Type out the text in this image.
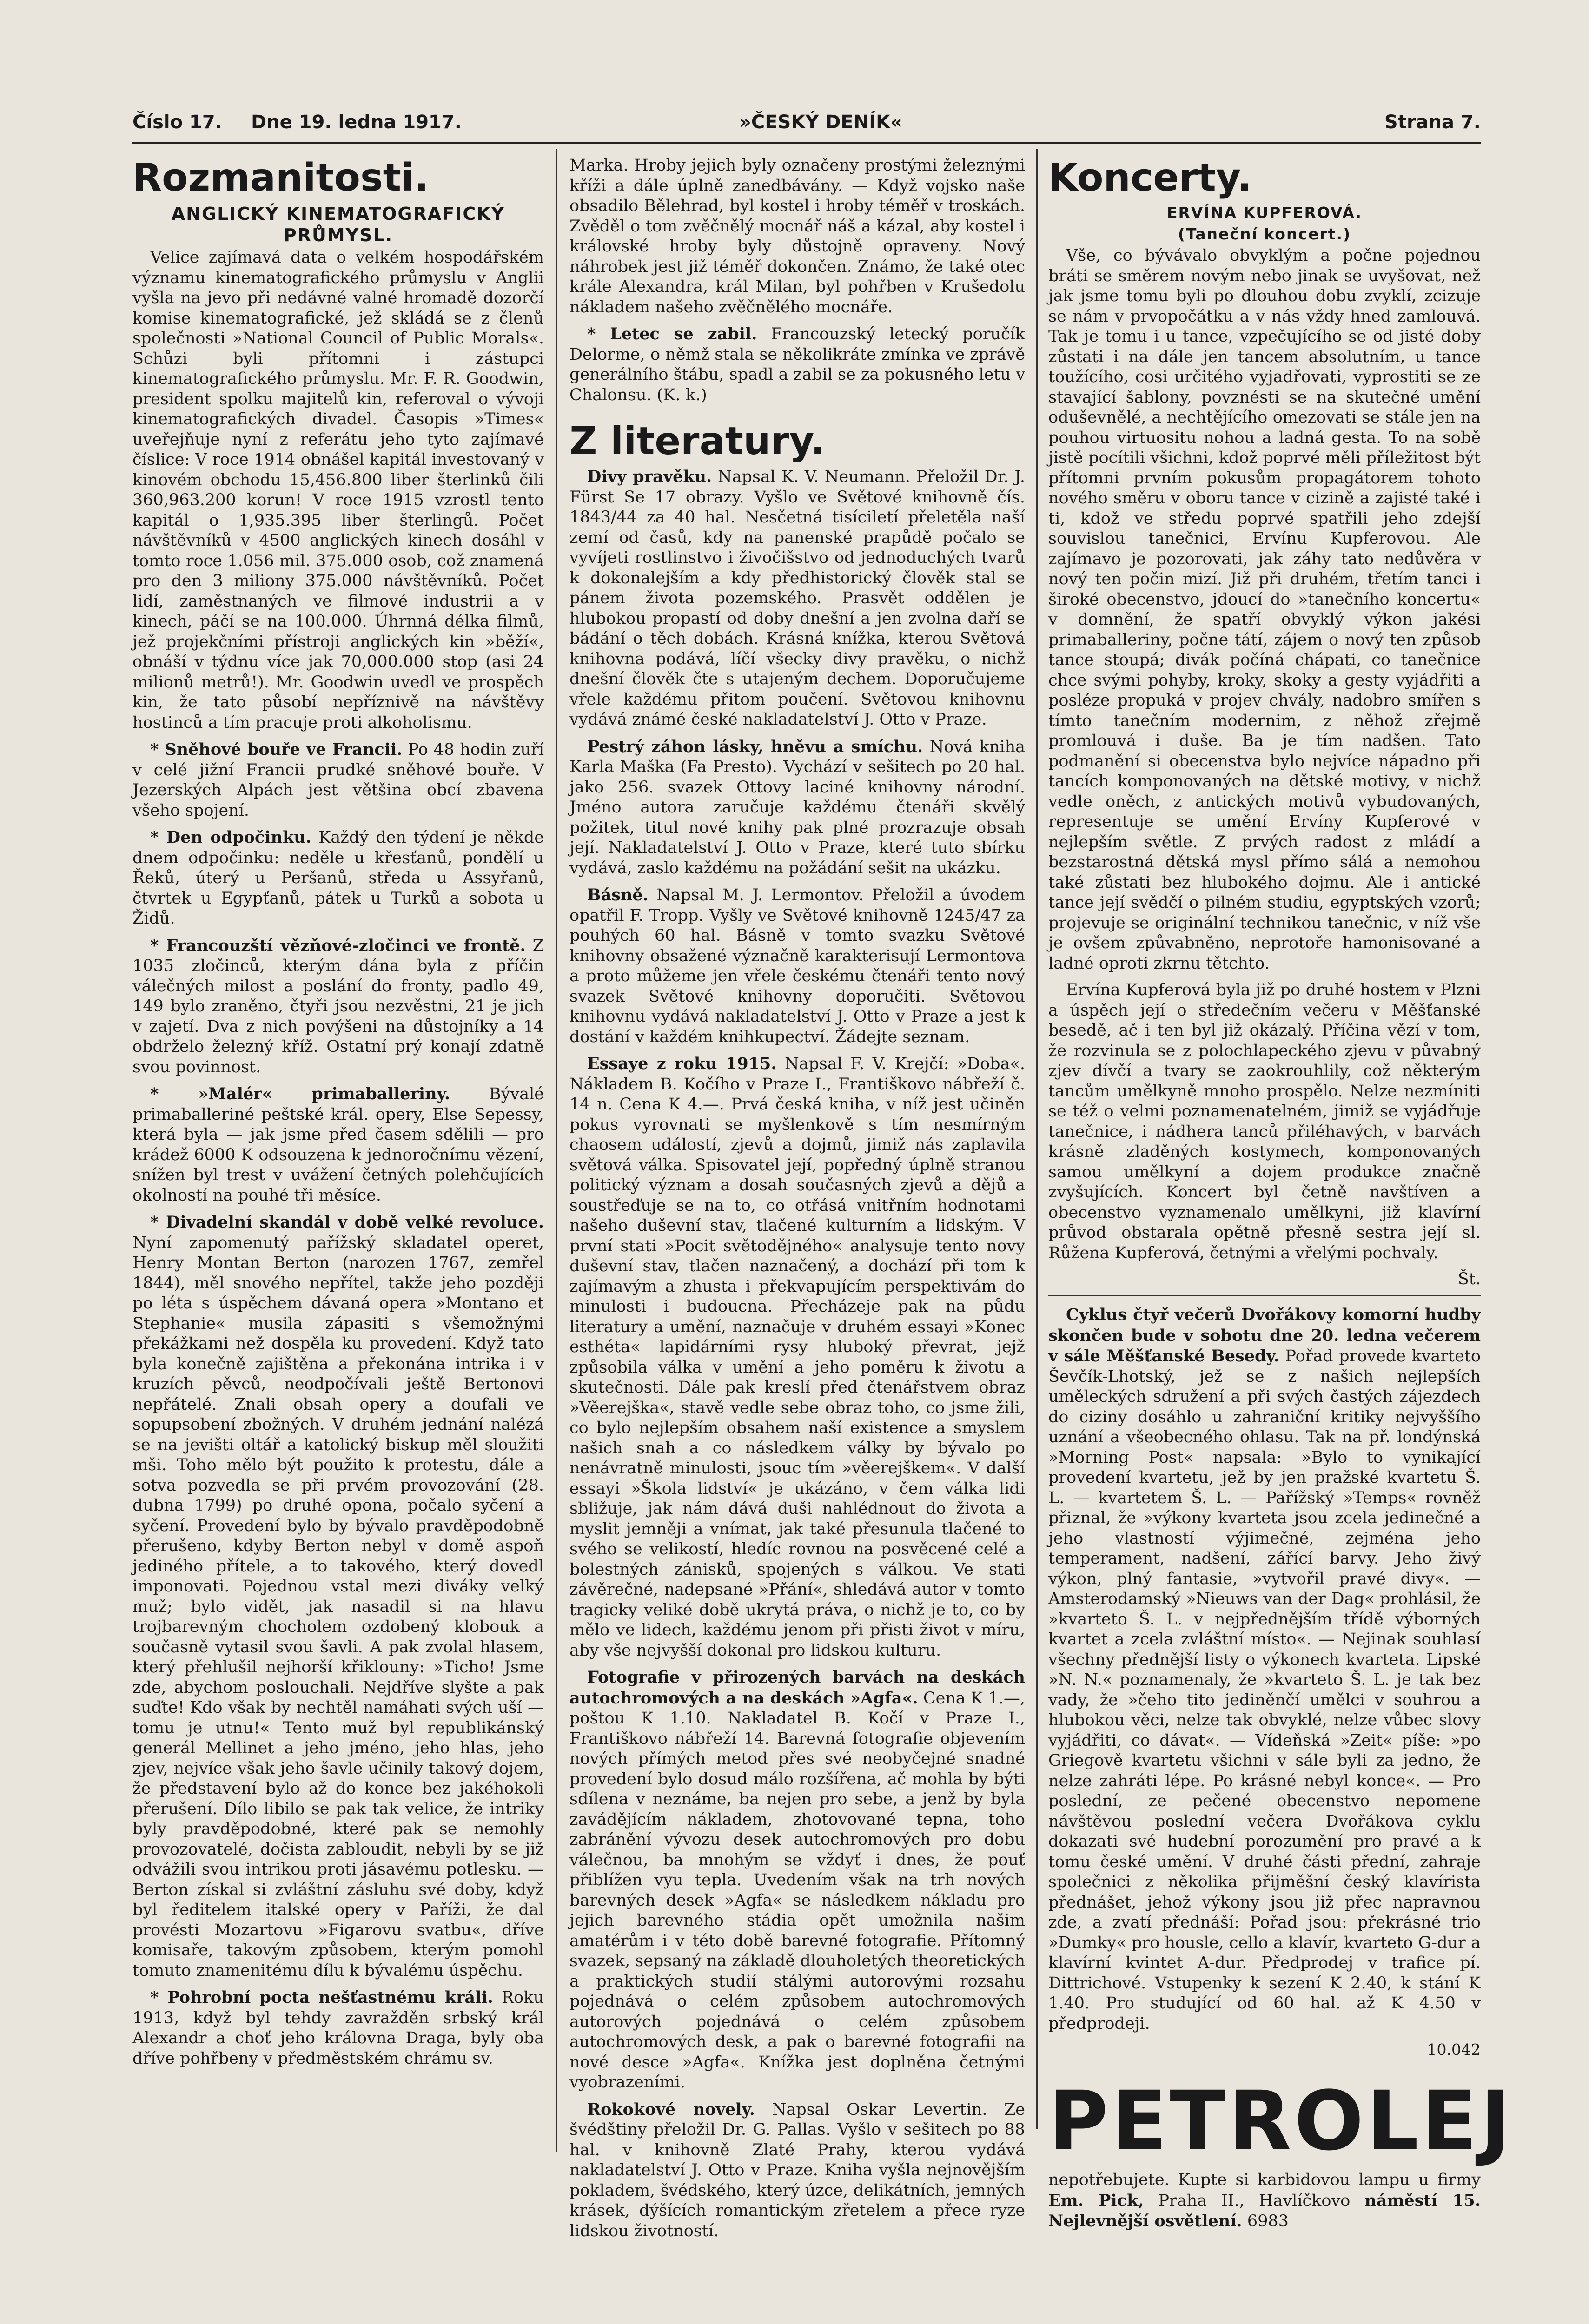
Číslo 17. Dne 19. ledna 1917.	»ČESKÝ DENÍK«	Strana 7.
Rozmanitosti.
ANGLICKÝ KINEMATOGRAFICKÝ PRŮMYSL.

Velice zajímavá data o velkém hospodářském významu kinematografického průmyslu v Anglii vyšla na jevo při nedávné valné hromadě dozorčí komise kinematografické, jež skládá se z členů společnosti »National Council of Public Morals«. Schůzi byli přítomni i zástupci kinematografického průmyslu. Mr. F. R. Goodwin, president spolku majitelů kin, referoval o vývoji kinematografických divadel. Časopis »Times« uveřejňuje nyní z referátu jeho tyto zajímavé číslice: V roce 1914 obnášel kapitál investovaný v kinovém obchodu 15,456.800 liber šterlinků čili 360,963.200 korun! V roce 1915 vzrostl tento kapitál o 1,935.395 liber šterlingů. Počet návštěvníků v 4500 anglických kinech dosáhl v tomto roce 1.056 mil. 375.000 osob, což znamená pro den 3 miliony 375.000 návštěvníků. Počet lidí, zaměstnaných ve filmové industrii a v kinech, páčí se na 100.000. Úhrnná délka filmů, jež projekčními přístroji anglických kin »běží«, obnáší v týdnu více jak 70,000.000 stop (asi 24 milionů metrů!). Mr. Goodwin uvedl ve prospěch kin, že tato působí nepříznivě na návštěvy hostinců a tím pracuje proti alkoholismu.

* Sněhové bouře ve Francii. Po 48 hodin zuří v celé jižní Francii prudké sněhové bouře. V Jezerských Alpách jest většina obcí zbavena všeho spojení.

* Den odpočinku. Každý den týdení je někde dnem odpočinku: neděle u křesťanů, pondělí u Řeků, úterý u Peršanů, středa u Assyřanů, čtvrtek u Egypťanů, pátek u Turků a sobota u Židů.

* Francouzští vězňové-zločinci ve frontě. Z 1035 zločinců, kterým dána byla z příčin válečných milost a poslání do fronty, padlo 49, 149 bylo zraněno, čtyři jsou nezvěstni, 21 je jich v zajetí. Dva z nich povýšeni na důstojníky a 14 obdrželo železný kříž. Ostatní prý konají zdatně svou povinnost.

* »Malér« primaballeriny. Bývalé primaballeriné peštské král. opery, Else Sepessy, která byla — jak jsme před časem sdělili — pro krádež 6000 K odsouzena k jednoročnímu vězení, snížen byl trest v uvážení četných polehčujících okolností na pouhé tři měsíce.

* Divadelní skandál v době velké revoluce. Nyní zapomenutý pařížský skladatel operet, Henry Montan Berton (narozen 1767, zemřel 1844), měl snového nepřítel, takže jeho později po léta s úspěchem dávaná opera »Montano et Stephanie« musila zápasiti s všemožnými překážkami než dospěla ku provedení. Když tato byla konečně zajištěna a překonána intrika i v kruzích pěvců, neodpočívali ještě Bertonovi nepřátelé. Znali obsah opery a doufali ve sopupsobení zbožných. V druhém jednání nalézá se na jevišti oltář a katolický biskup měl sloužiti mši. Toho mělo být použito k protestu, dále a sotva pozvedla se při prvém provozování (28. dubna 1799) po druhé opona, počalo syčení a syčení. Provedení bylo by bývalo pravděpodobně přerušeno, kdyby Berton nebyl v domě aspoň jediného přítele, a to takového, který dovedl imponovati. Pojednou vstal mezi diváky velký muž; bylo vidět, jak nasadil si na hlavu trojbarevným chocholem ozdobený klobouk a současně vytasil svou šavli. A pak zvolal hlasem, který přehlušil nejhorší křiklouny: »Ticho! Jsme zde, abychom poslouchali. Nejdříve slyšte a pak suďte! Kdo však by nechtěl namáhati svých uší — tomu je utnu!« Tento muž byl republikánský generál Mellinet a jeho jméno, jeho hlas, jeho zjev, nejvíce však jeho šavle učinily takový dojem, že představení bylo až do konce bez jakéhokoli přerušení. Dílo libilo se pak tak velice, že intriky byly pravděpodobné, které pak se nemohly provozovatelé, dočista zabloudit, nebyli by se již odvážili svou intrikou proti jásavému potlesku. — Berton získal si zvláštní zásluhu své doby, když byl ředitelem italské opery v Paříži, že dal provésti Mozartovu »Figarovu svatbu«, dříve komisaře, takovým způsobem, kterým pomohl tomuto znamenitému dílu k bývalému úspěchu.

* Pohrobní pocta nešťastnému králi. Roku 1913, když byl tehdy zavražděn srbský král Alexandr a choť jeho královna Draga, byly oba dříve pohřbeny v předměstském chrámu sv.

Marka. Hroby jejich byly označeny prostými železnými kříži a dále úplně zanedbávány. — Když vojsko naše obsadilo Bělehrad, byl kostel i hroby téměř v troskách. Zvěděl o tom zvěčnělý mocnář náš a kázal, aby kostel i královské hroby byly důstojně opraveny. Nový náhrobek jest již téměř dokončen. Známo, že také otec krále Alexandra, král Milan, byl pohřben v Krušedolu nákladem našeho zvěčnělého mocnáře.

* Letec se zabil. Francouzský letecký poručík Delorme, o němž stala se několikráte zmínka ve zprávě generálního štábu, spadl a zabil se za pokusného letu v Chalonsu. (K. k.)

Z literatury.

Divy pravěku. Napsal K. V. Neumann. Přeložil Dr. J. Fürst Se 17 obrazy. Vyšlo ve Světové knihovně čís. 1843/44 za 40 hal. Nesčetná tisíciletí přeletěla naší zemí od časů, kdy na panenské prapůdě počalo se vyvíjeti rostlinstvo i živočišstvo od jednoduchých tvarů k dokonalejším a kdy předhistorický člověk stal se pánem života pozemského. Prasvět oddělen je hlubokou propastí od doby dnešní a jen zvolna daří se bádání o těch dobách. Krásná knížka, kterou Světová knihovna podává, líčí všecky divy pravěku, o nichž dnešní člověk čte s utajeným dechem. Doporučujeme vřele každému přitom poučení. Světovou knihovnu vydává známé české nakladatelství J. Otto v Praze.

Pestrý záhon lásky, hněvu a smíchu. Nová kniha Karla Maška (Fa Presto). Vychází v sešitech po 20 hal. jako 256. svazek Ottovy laciné knihovny národní. Jméno autora zaručuje každému čtenáři skvělý požitek, titul nové knihy pak plné prozrazuje obsah její. Nakladatelství J. Otto v Praze, které tuto sbírku vydává, zaslo každému na požádání sešit na ukázku.

Básně. Napsal M. J. Lermontov. Přeložil a úvodem opatřil F. Tropp. Vyšly ve Světové knihovně 1245/47 za pouhých 60 hal. Básně v tomto svazku Světové knihovny obsažené význačně karakterisují Lermontova a proto můžeme jen vřele českému čtenáři tento nový svazek Světové knihovny doporučiti. Světovou knihovnu vydává nakladatelství J. Otto v Praze a jest k dostání v každém knihkupectví. Žádejte seznam.

Essaye z roku 1915. Napsal F. V. Krejčí: »Doba«. Nákladem B. Kočího v Praze I., Františkovo nábřeží č. 14 n. Cena K 4.—. Prvá česká kniha, v níž jest učiněn pokus vyrovnati se myšlenkově s tím nesmírným chaosem událostí, zjevů a dojmů, jimiž nás zaplavila světová válka. Spisovatel její, popředný úplně stranou politický význam a dosah současných zjevů a dějů a soustřeďuje se na to, co otřásá vnitřním hodnotami našeho duševní stav, tlačené kulturním a lidským. V první stati »Pocit světodějného« analysuje tento novy duševní stav, tlačen naznačený, a dochází při tom k zajímavým a zhusta i překvapujícím perspektivám do minulosti i budoucna. Přecházeje pak na půdu literatury a umění, naznačuje v druhém essayi »Konec esthéta« lapidárními rysy hluboký převrat, jejž způsobila válka v umění a jeho poměru k životu a skutečnosti. Dále pak kreslí před čtenářstvem obraz »Věerejška«, stavě vedle sebe obraz toho, co jsme žili, co bylo nejlepším obsahem naší existence a smyslem našich snah a co následkem války by bývalo po nenávratně minulosti, jsouc tím »věerejškem«. V další essayi »Škola lidství« je ukázáno, v čem válka lidi sbližuje, jak nám dává duši nahlédnout do života a myslit jemněji a vnímat, jak také přesunula tlačené to svého se velikostí, hledíc rovnou na posvěcené celé a bolestných zánisků, spojených s válkou. Ve stati závěrečné, nadepsané »Přání«, shledává autor v tomto tragicky veliké době ukrytá práva, o nichž je to, co by mělo ve lidech, každému jenom při přisti život v míru, aby vše nejvyšší dokonal pro lidskou kulturu.

Fotografie v přirozených barvách na deskách autochromových a na deskách »Agfa«. Cena K 1.—, poštou K 1.10. Nakladatel B. Kočí v Praze I., Františkovo nábřeží 14. Barevná fotografie objevením nových přímých metod přes své neobyčejné snadné provedení bylo dosud málo rozšířena, ač mohla by býti sdílena v neznáme, ba nejen pro sebe, a jenž by byla zavádějícím nákladem, zhotovované tepna, toho zabránění vývozu desek autochromových pro dobu válečnou, ba mnohým se vždyť i dnes, že pouť přiblížen vyu tepla. Uvedením však na trh nových barevných desek »Agfa« se následkem nákladu pro jejich barevného stádia opět umožnila našim amatérům i v této době barevné fotografie. Přítomný svazek, sepsaný na základě dlouholetých theoretických a praktických studií stálými autorovými rozsahu pojednává o celém způsobem autochromových autorových pojednává o celém způsobem autochromových desk, a pak o barevné fotografii na nové desce »Agfa«. Knížka jest doplněna četnými vyobrazeními.

Rokokové novely. Napsal Oskar Levertin. Ze švédštiny přeložil Dr. G. Pallas. Vyšlo v sešitech po 88 hal. v knihovně Zlaté Prahy, kterou vydává nakladatelství J. Otto v Praze. Kniha vyšla nejnovějším pokladem, švédského, který úzce, delikátních, jemných krásek, dýšících romantickým zřetelem a přece ryze lidskou životností.

Koncerty.
ERVÍNA KUPFEROVÁ.
(Taneční koncert.)

Vše, co bývávalo obvyklým a počne pojednou bráti se směrem novým nebo jinak se uvyšovat, než jak jsme tomu byli po dlouhou dobu zvyklí, zcizuje se nám v prvopočátku a v nás vždy hned zamlouvá. Tak je tomu i u tance, vzpečujícího se od jisté doby zůstati i na dále jen tancem absolutním, u tance toužícího, cosi určitého vyjadřovati, vyprostiti se ze stavající šablony, povznésti se na skutečné umění oduševnělé, a nechtějícího omezovati se stále jen na pouhou virtuositu nohou a ladná gesta. To na sobě jistě pocítili všichni, kdož poprvé měli příležitost být přítomni prvním pokusům propagátorem tohoto nového směru v oboru tance v cizině a zajisté také i ti, kdož ve středu poprvé spatřili jeho zdejší souvislou tanečnici, Ervínu Kupferovou. Ale zajímavo je pozorovati, jak záhy tato nedůvěra v nový ten počin mizí. Již při druhém, třetím tanci i široké obecenstvo, jdoucí do »tanečního koncertu« v domnění, že spatří obvyklý výkon jakési primaballeriny, počne tátí, zájem o nový ten způsob tance stoupá; divák počíná chápati, co tanečnice chce svými pohyby, kroky, skoky a gesty vyjádřiti a posléze propuká v projev chvály, nadobro smířen s tímto tanečním modernim, z něhož zřejmě promlouvá i duše. Ba je tím nadšen. Tato podmanění si obecenstva bylo nejvíce nápadno při tancích komponovaných na dětské motivy, v nichž vedle oněch, z antických motivů vybudovaných, representuje se umění Ervíny Kupferové v nejlepším světle. Z prvých radost z mládí a bezstarostná dětská mysl přímo sálá a nemohou také zůstati bez hlubokého dojmu. Ale i antické tance její svědčí o pilném studiu, egyptských vzorů; projevuje se originální technikou tanečnic, v níž vše je ovšem způvabněno, neprotoře hamonisované a ladné oproti zkrnu tětchto.

Ervína Kupferová byla již po druhé hostem v Plzni a úspěch její o středečním večeru v Měšťanské besedě, ač i ten byl již okázalý. Příčina vězí v tom, že rozvinula se z polochlapeckého zjevu v půvabný zjev dívčí a tvary se zaokrouhlily, což některým tancům umělkyně mnoho prospělo. Nelze nezmíniti se též o velmi poznamenatelném, jimiž se vyjádřuje tanečnice, i nádhera tanců přiléhavých, v barvách krásně zladěných kostymech, komponovaných samou umělkyní a dojem produkce značně zvyšujících. Koncert byl četně navštíven a obecenstvo vyznamenalo umělkyni, již klavírní průvod obstarala opětně přesně sestra její sl. Růžena Kupferová, četnými a vřelými pochvaly.

Št.

Cyklus čtyř večerů Dvořákovy komorní hudby skončen bude v sobotu dne 20. ledna večerem v sále Měšťanské Besedy. Pořad provede kvarteto Ševčík-Lhotský, jež se z našich nejlepších uměleckých sdružení a při svých častých zájezdech do ciziny dosáhlo u zahraniční kritiky nejvyššího uznání a všeobecného ohlasu. Tak na př. londýnská »Morning Post« napsala: »Bylo to vynikající provedení kvartetu, jež by jen pražské kvartetu Š. L. — kvartetem Š. L. — Pařížský »Temps« rovněž přiznal, že »výkony kvarteta jsou zcela jedinečné a jeho vlastností výjimečné, zejména jeho temperament, nadšení, zářící barvy. Jeho živý výkon, plný fantasie, »vytvořil pravé divy«. — Amsterodamský »Nieuws van der Dag« prohlásil, že »kvarteto Š. L. v nejpřednějším třídě výborných kvartet a zcela zvláštní místo«. — Nejinak souhlasí všechny přednější listy o výkonech kvarteta. Lipské »N. N.« poznamenaly, že »kvarteto Š. L. je tak bez vady, že »čeho tito jediněnčí umělci v souhrou a hlubokou věci, nelze tak obvyklé, nelze vůbec slovy vyjádřiti, co dávat«. — Vídeňská »Zeit« píše: »po Griegově kvartetu všichni v sále byli za jedno, že nelze zahráti lépe. Po krásné nebyl konce«. — Pro poslední, ze pečené obecenstvo nepomene návštěvou poslední večera Dvořákova cyklu dokazati své hudební porozumění pro pravé a k tomu české umění. V druhé části přední, zahraje společnici z několika přijměšní český klavírista přednášet, jehož výkony jsou již přec napravnou zde, a zvatí přednáší: Pořad jsou: překrásné trio »Dumky« pro housle, cello a klavír, kvarteto G-dur a klavírní kvintet A-dur. Předprodej v trafice pí. Dittrichové. Vstupenky k sezení K 2.40, k stání K 1.40. Pro studující od 60 hal. až K 4.50 v předprodeji.

10.042
PETROLEJ

nepotřebujete. Kupte si karbidovou lampu u firmy Em. Pick, Praha II., Havlíčkovo náměstí 15. Nejlevnější osvětlení. 6983
